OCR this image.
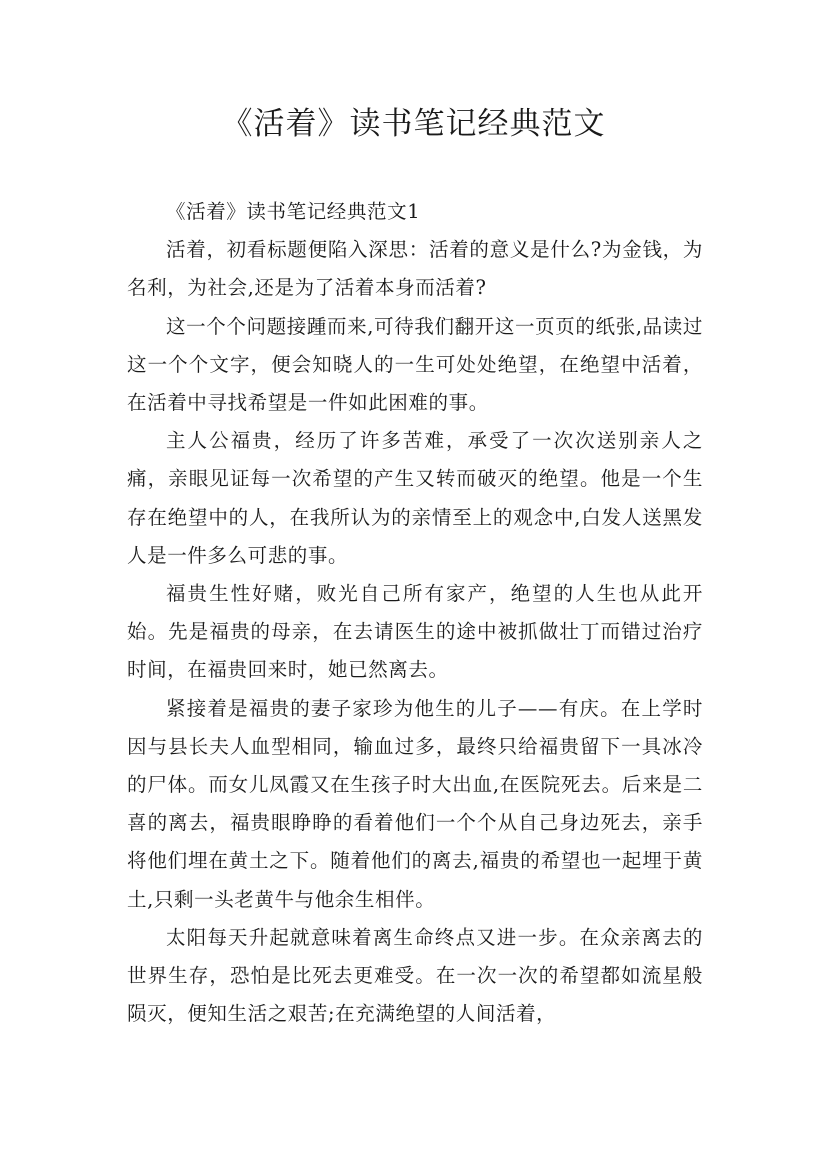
《活着》读书笔记经典范文

《活着》读书笔记经典范文1

活着，初看标题便陷入深思：活着的意义是什么?为金钱，为名利，为社会,还是为了活着本身而活着?

这一个个问题接踵而来,可待我们翻开这一页页的纸张,品读过这一个个文字，便会知晓人的一生可处处绝望，在绝望中活着，在活着中寻找希望是一件如此困难的事。

主人公福贵，经历了许多苦难，承受了一次次送别亲人之痛，亲眼见证每一次希望的产生又转而破灭的绝望。他是一个生存在绝望中的人，在我所认为的亲情至上的观念中,白发人送黑发人是一件多么可悲的事。

福贵生性好赌，败光自己所有家产，绝望的人生也从此开始。先是福贵的母亲，在去请医生的途中被抓做壮丁而错过治疗时间，在福贵回来时，她已然离去。

紧接着是福贵的妻子家珍为他生的儿子——有庆。在上学时因与县长夫人血型相同，输血过多，最终只给福贵留下一具冰冷的尸体。而女儿凤霞又在生孩子时大出血,在医院死去。后来是二喜的离去，福贵眼睁睁的看着他们一个个从自己身边死去，亲手将他们埋在黄土之下。随着他们的离去,福贵的希望也一起埋于黄土,只剩一头老黄牛与他余生相伴。

太阳每天升起就意味着离生命终点又进一步。在众亲离去的世界生存，恐怕是比死去更难受。在一次一次的希望都如流星般陨灭，便知生活之艰苦;在充满绝望的人间活着，
